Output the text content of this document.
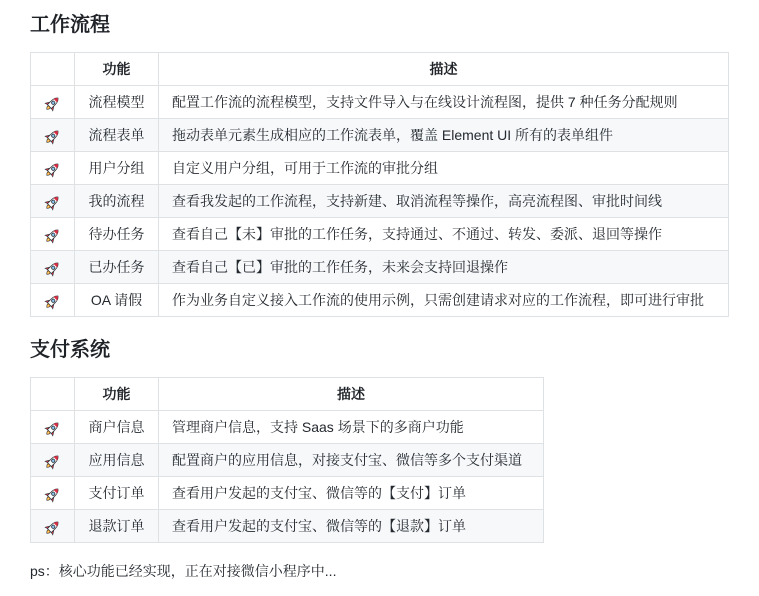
工作流程
	功能	描述

	流程模型	配置工作流的流程模型，支持文件导入与在线设计流程图，提供 7 种任务分配规则

	流程表单	拖动表单元素生成相应的工作流表单，覆盖 Element UI 所有的表单组件

	用户分组	自定义用户分组，可用于工作流的审批分组

	我的流程	查看我发起的工作流程，支持新建、取消流程等操作，高亮流程图、审批时间线

	待办任务	查看自己【未】审批的工作任务，支持通过、不通过、转发、委派、退回等操作

	已办任务	查看自己【已】审批的工作任务，未来会支持回退操作

	OA 请假	作为业务自定义接入工作流的使用示例，只需创建请求对应的工作流程，即可进行审批
支付系统
	功能	描述

	商户信息	管理商户信息，支持 Saas 场景下的多商户功能

	应用信息	配置商户的应用信息，对接支付宝、微信等多个支付渠道

	支付订单	查看用户发起的支付宝、微信等的【支付】订单

	退款订单	查看用户发起的支付宝、微信等的【退款】订单

ps：核心功能已经实现，正在对接微信小程序中...
